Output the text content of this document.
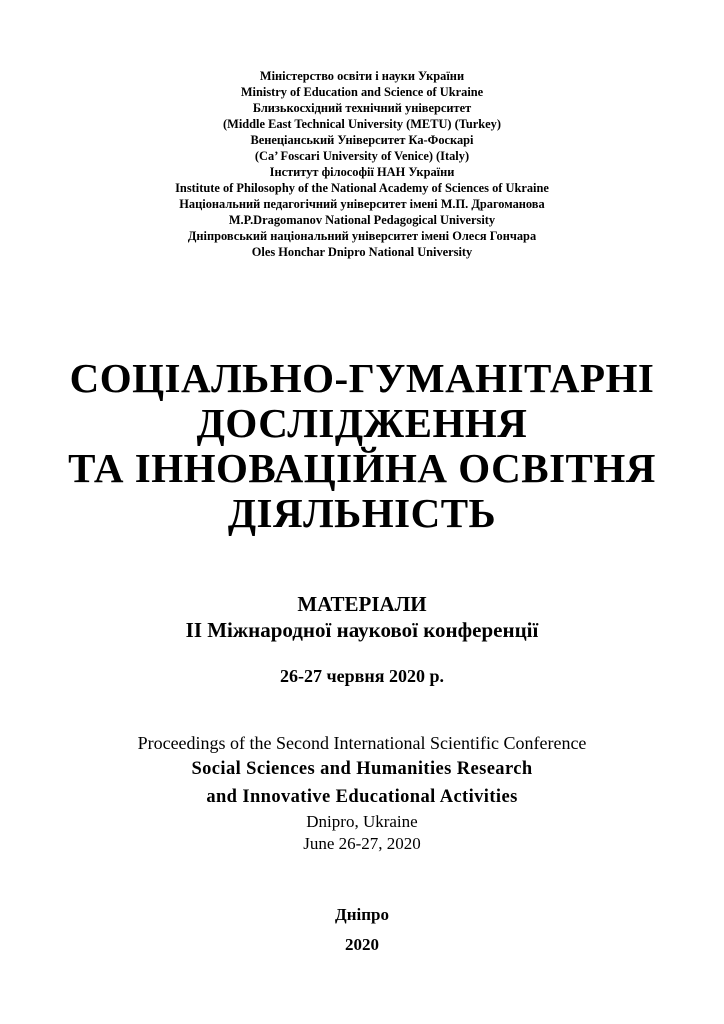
Міністерство освіти і науки України
Ministry of Education and Science of Ukraine
Близькосхідний технічний університет
(Middle East Technical University (METU) (Turkey)
Венеціанський Університет Ка-Фоскарі
(Ca’ Foscari University of Venice) (Italy)
Інститут філософії НАН України
Institute of Philosophy of the National Academy of Sciences of Ukraine
Національний педагогічний університет імені М.П. Драгоманова
M.P.Dragomanov National Pedagogical University
Дніпровський національний університет імені Олеся Гончара
Oles Honchar Dnipro National University
СОЦІАЛЬНО-ГУМАНІТАРНІ
ДОСЛІДЖЕННЯ
ТА ІННОВАЦІЙНА ОСВІТНЯ
ДІЯЛЬНІСТЬ
МАТЕРІАЛИ
ІІ Міжнародної наукової конференції
26-27 червня 2020 р.
Proceedings of the Second International Scientific Conference
Social Sciences and Humanities Research
and Innovative Educational Activities
Dnipro, Ukraine
June 26-27, 2020
Дніпро
2020
